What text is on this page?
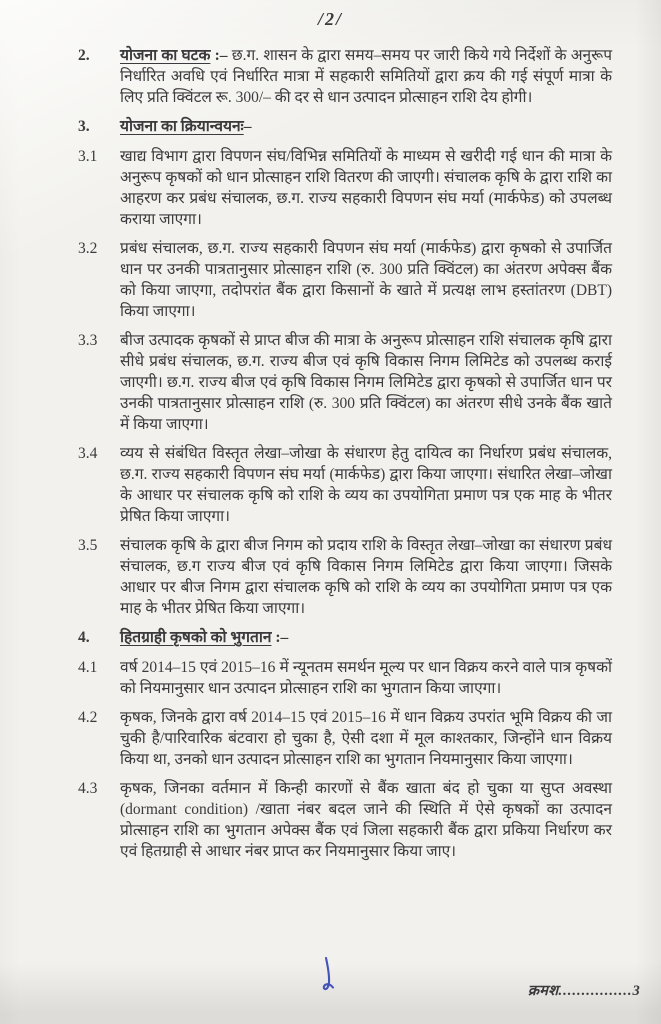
/2/
2.	योजना का घटक :– छ.ग. शासन के द्वारा समय–समय पर जारी किये गये निर्देशों के अनुरूप निर्धारित अवधि एवं निर्धारित मात्रा में सहकारी समितियों द्वारा क्रय की गई संपूर्ण मात्रा के लिए प्रति क्विंटल रू. 300/– की दर से धान उत्पादन प्रोत्साहन राशि देय होगी।
3.	योजना का क्रियान्वयनः–
3.1	खाद्य विभाग द्वारा विपणन संघ/विभिन्न समितियों के माध्यम से खरीदी गई धान की मात्रा के अनुरूप कृषकों को धान प्रोत्साहन राशि वितरण की जाएगी। संचालक कृषि के द्वारा राशि का आहरण कर प्रबंध संचालक, छ.ग. राज्य सहकारी विपणन संघ मर्या (मार्कफेड) को उपलब्ध कराया जाएगा।
3.2	प्रबंध संचालक, छ.ग. राज्य सहकारी विपणन संघ मर्या (मार्कफेड) द्वारा कृषको से उपार्जित धान पर उनकी पात्रतानुसार प्रोत्साहन राशि (रु. 300 प्रति क्विंटल) का अंतरण अपेक्स बैंक को किया जाएगा, तदोपरांत बैंक द्वारा किसानों के खाते में प्रत्यक्ष लाभ हस्तांतरण (DBT) किया जाएगा।
3.3	बीज उत्पादक कृषकों से प्राप्त बीज की मात्रा के अनुरूप प्रोत्साहन राशि संचालक कृषि द्वारा सीधे प्रबंध संचालक, छ.ग. राज्य बीज एवं कृषि विकास निगम लिमिटेड को उपलब्ध कराई जाएगी। छ.ग. राज्य बीज एवं कृषि विकास निगम लिमिटेड द्वारा कृषको से उपार्जित धान पर उनकी पात्रतानुसार प्रोत्साहन राशि (रु. 300 प्रति क्विंटल) का अंतरण सीधे उनके बैंक खाते में किया जाएगा।
3.4	व्यय से संबंधित विस्तृत लेखा–जोखा के संधारण हेतु दायित्व का निर्धारण प्रबंध संचालक, छ.ग. राज्य सहकारी विपणन संघ मर्या (मार्कफेड) द्वारा किया जाएगा। संधारित लेखा–जोखा के आधार पर संचालक कृषि को राशि के व्यय का उपयोगिता प्रमाण पत्र एक माह के भीतर प्रेषित किया जाएगा।
3.5	संचालक कृषि के द्वारा बीज निगम को प्रदाय राशि के विस्तृत लेखा–जोखा का संधारण प्रबंध संचालक, छ.ग राज्य बीज एवं कृषि विकास निगम लिमिटेड द्वारा किया जाएगा। जिसके आधार पर बीज निगम द्वारा संचालक कृषि को राशि के व्यय का उपयोगिता प्रमाण पत्र एक माह के भीतर प्रेषित किया जाएगा।
4.	हितग्राही कृषको को भुगतान :–
4.1	वर्ष 2014–15 एवं 2015–16 में न्यूनतम समर्थन मूल्य पर धान विक्रय करने वाले पात्र कृषकों को नियमानुसार धान उत्पादन प्रोत्साहन राशि का भुगतान किया जाएगा।
4.2	कृषक, जिनके द्वारा वर्ष 2014–15 एवं 2015–16 में धान विक्रय उपरांत भूमि विक्रय की जा चुकी है/पारिवारिक बंटवारा हो चुका है, ऐसी दशा में मूल काश्तकार, जिन्होंने धान विक्रय किया था, उनको धान उत्पादन प्रोत्साहन राशि का भुगतान नियमानुसार किया जाएगा।
4.3	कृषक, जिनका वर्तमान में किन्ही कारणों से बैंक खाता बंद हो चुका या सुप्त अवस्था (dormant condition) /खाता नंबर बदल जाने की स्थिति में ऐसे कृषकों का उत्पादन प्रोत्साहन राशि का भुगतान अपेक्स बैंक एवं जिला सहकारी बैंक द्वारा प्रकिया निर्धारण कर एवं हितग्राही से आधार नंबर प्राप्त कर नियमानुसार किया जाए।
क्रमश................3
